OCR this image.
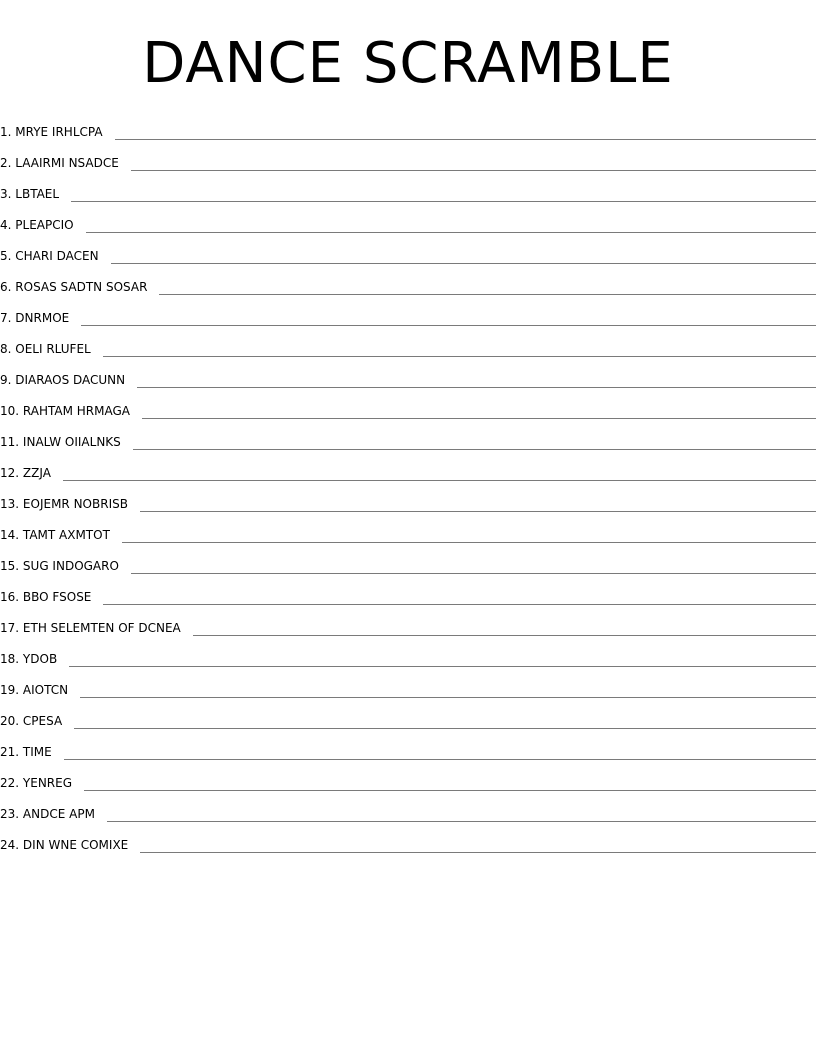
DANCE SCRAMBLE
1. MRYE IRHLCPA
2. LAAIRMI NSADCE
3. LBTAEL
4. PLEAPCIO
5. CHARI DACEN
6. ROSAS SADTN SOSAR
7. DNRMOE
8. OELI RLUFEL
9. DIARAOS DACUNN
10. RAHTAM HRMAGA
11. INALW OIIALNKS
12. ZZJA
13. EOJEMR NOBRISB
14. TAMT AXMTOT
15. SUG INDOGARO
16. BBO FSOSE
17. ETH SELEMTEN OF DCNEA
18. YDOB
19. AIOTCN
20. CPESA
21. TIME
22. YENREG
23. ANDCE APM
24. DIN WNE COMIXE
